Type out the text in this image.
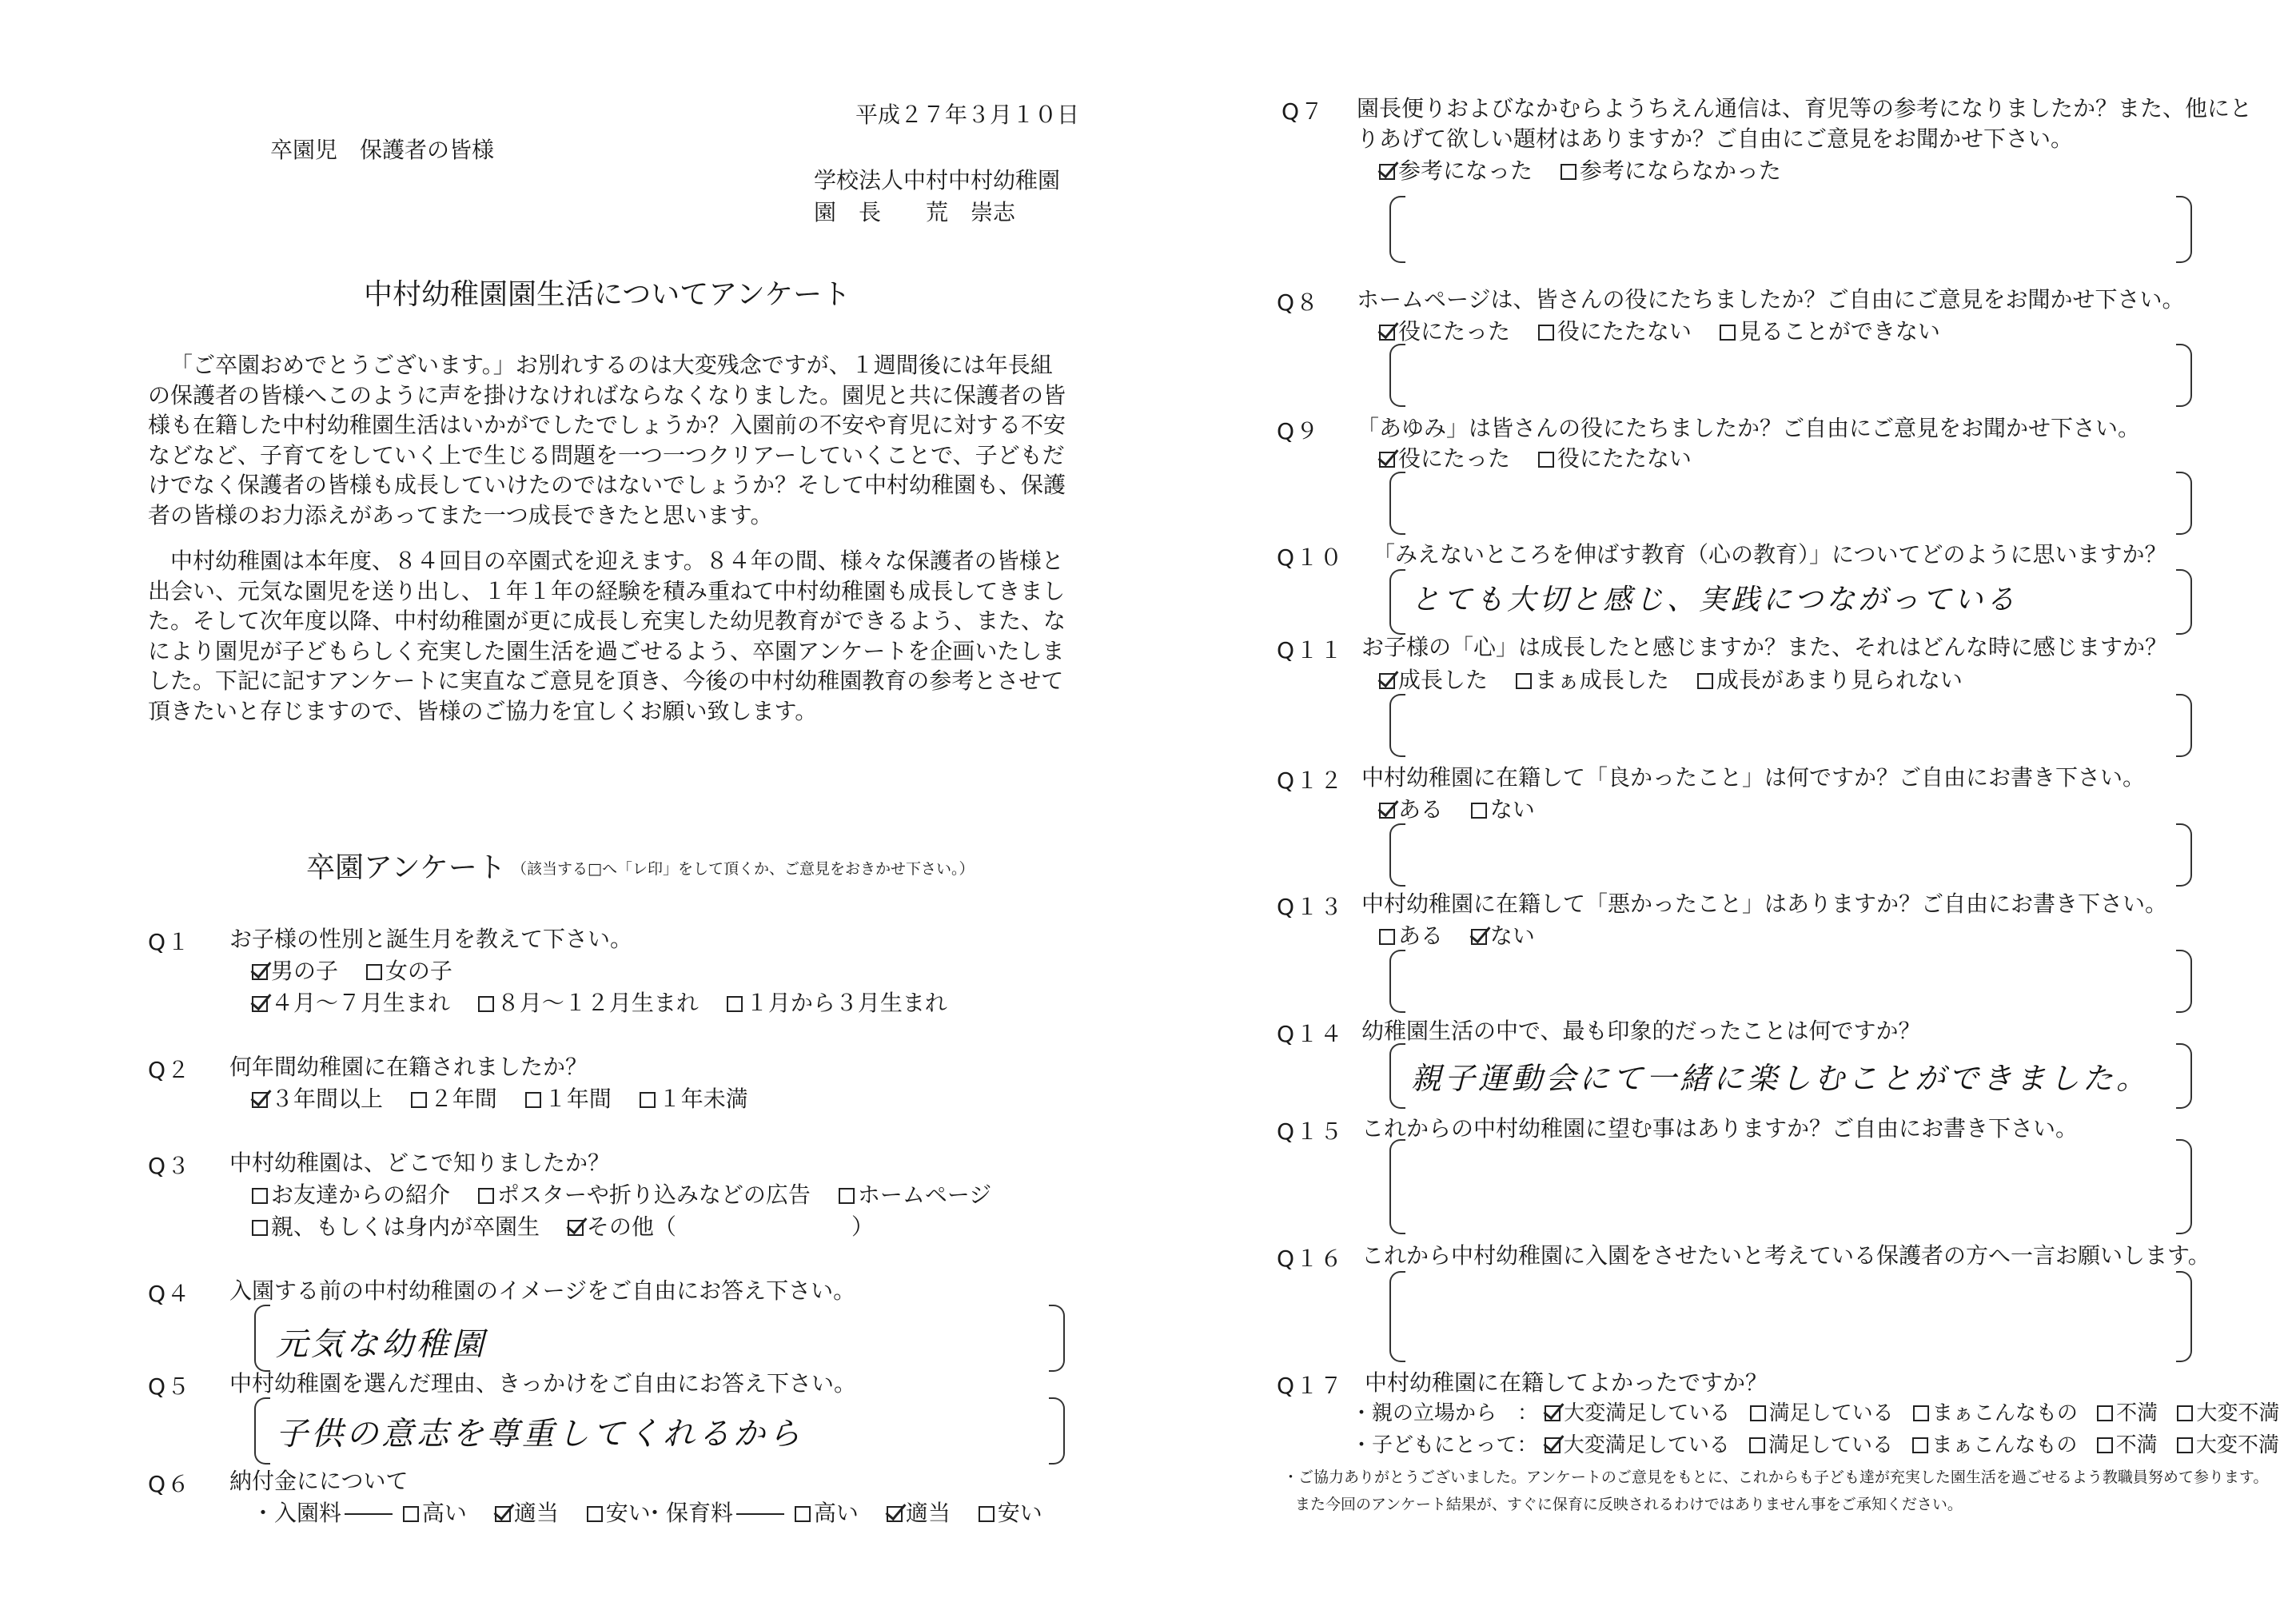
平成２７年３月１０日
卒園児　保護者の皆様
学校法人中村中村幼稚園
園　長　　荒　崇志
中村幼稚園園生活についてアンケート
「ご卒園おめでとうございます。」お別れするのは大変残念ですが、１週間後には年長組の保護者の皆様へこのように声を掛けなければならなくなりました。園児と共に保護者の皆様も在籍した中村幼稚園生活はいかがでしたでしょうか？入園前の不安や育児に対する不安などなど、子育てをしていく上で生じる問題を一つ一つクリアーしていくことで、子どもだけでなく保護者の皆様も成長していけたのではないでしょうか？そして中村幼稚園も、保護者の皆様のお力添えがあってまた一つ成長できたと思います。
中村幼稚園は本年度、８４回目の卒園式を迎えます。８４年の間、様々な保護者の皆様と出会い、元気な園児を送り出し、１年１年の経験を積み重ねて中村幼稚園も成長してきました。そして次年度以降、中村幼稚園が更に成長し充実した幼児教育ができるよう、また、なにより園児が子どもらしく充実した園生活を過ごせるよう、卒園アンケートを企画いたしました。下記に記すアンケートに実直なご意見を頂き、今後の中村幼稚園教育の参考とさせて頂きたいと存じますので、皆様のご協力を宜しくお願い致します。
卒園アンケート （該当する□へ「レ印」をして頂くか、ご意見をおきかせ下さい。）
Q１ お子様の性別と誕生月を教えて下さい。
男の子 女の子
４月〜７月生まれ ８月〜１２月生まれ １月から３月生まれ
Q２ 何年間幼稚園に在籍されましたか？
３年間以上 ２年間 １年間 １年未満
Q３ 中村幼稚園は、どこで知りましたか？
お友達からの紹介 ポスターや折り込みなどの広告 ホームページ
親、もしくは身内が卒園生 その他（	）
Q４ 入園する前の中村幼稚園のイメージをご自由にお答え下さい。
元気な幼稚園
Q５ 中村幼稚園を選んだ理由、きっかけをご自由にお答え下さい。
子供の意志を尊重してくれるから
Q６ 納付金にについて
・入園料	高い 適当 安い
・保育料	高い 適当 安い
Q７ 園長便りおよびなかむらようちえん通信は、育児等の参考になりましたか？また、他にと
りあげて欲しい題材はありますか？ご自由にご意見をお聞かせ下さい。
参考になった 参考にならなかった
Q８ ホームページは、皆さんの役にたちましたか？ご自由にご意見をお聞かせ下さい。
役にたった 役にたたない 見ることができない
Q９ 「あゆみ」は皆さんの役にたちましたか？ご自由にご意見をお聞かせ下さい。
役にたった 役にたたない
Q１０ 「みえないところを伸ばす教育（心の教育）」についてどのように思いますか？
とても大切と感じ、実践につながっている
Q１１ お子様の「心」は成長したと感じますか？また、それはどんな時に感じますか？
成長した まぁ成長した 成長があまり見られない
Q１２ 中村幼稚園に在籍して「良かったこと」は何ですか？ご自由にお書き下さい。
ある ない
Q１３ 中村幼稚園に在籍して「悪かったこと」はありますか？ご自由にお書き下さい。
ある ない
Q１４ 幼稚園生活の中で、最も印象的だったことは何ですか？
親子運動会にて一緒に楽しむことができました。
Q１５ これからの中村幼稚園に望む事はありますか？ご自由にお書き下さい。
Q１６ これから中村幼稚園に入園をさせたいと考えている保護者の方へ一言お願いします。
Q１７ 中村幼稚園に在籍してよかったですか？
・親の立場から　： 大変満足している 満足している まぁこんなもの 不満 大変不満
・子どもにとって： 大変満足している 満足している まぁこんなもの 不満 大変不満
・ご協力ありがとうございました。アンケートのご意見をもとに、これからも子ども達が充実した園生活を過ごせるよう教職員努めて参ります。
また今回のアンケート結果が、すぐに保育に反映されるわけではありません事をご承知ください。
